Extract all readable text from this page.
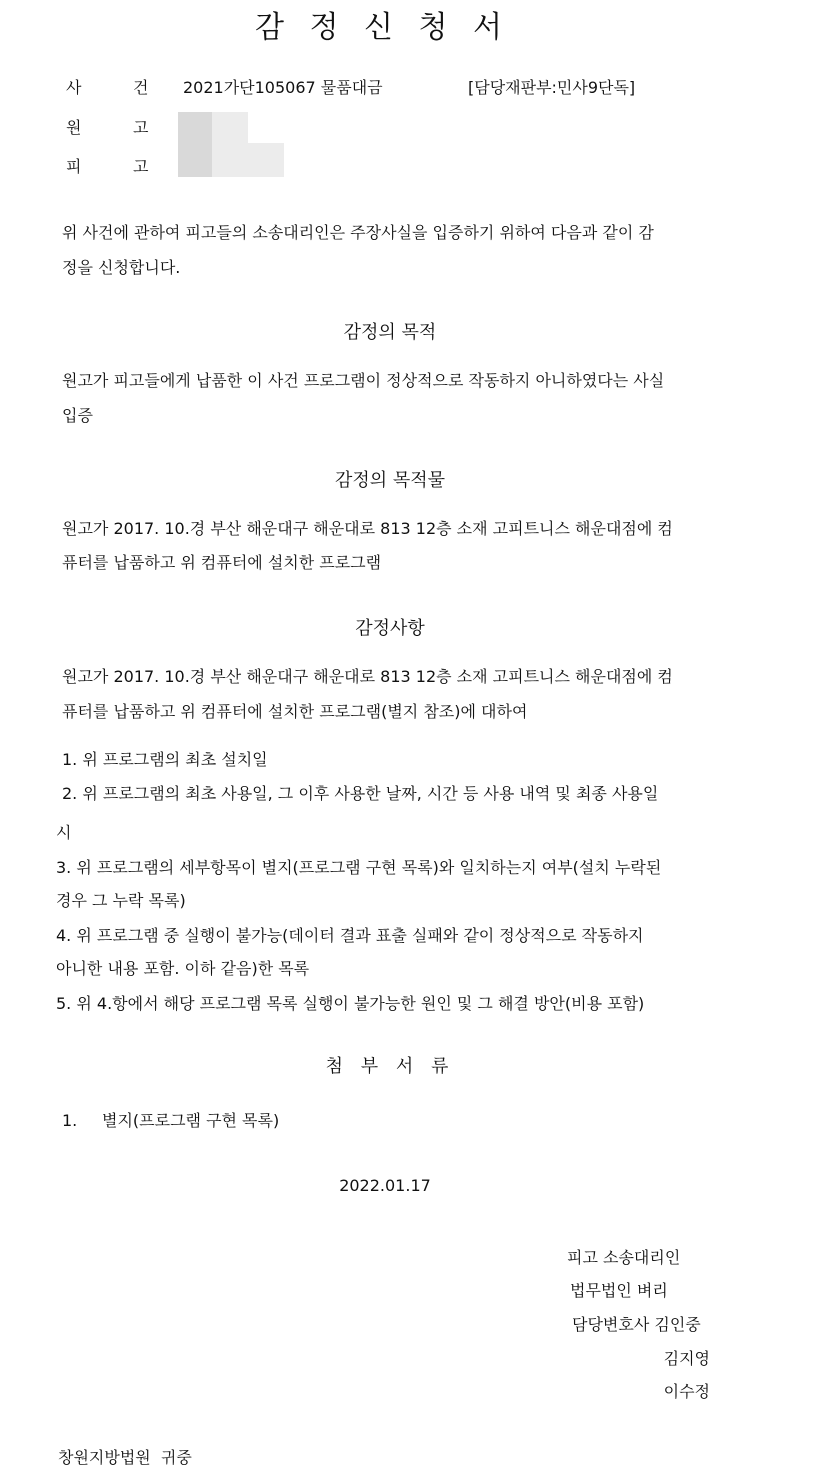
감 정 신 청 서
사	건 2021가단105067 물품대금	[담당재판부:민사9단독]
원	고
피	고
위 사건에 관하여 피고들의 소송대리인은 주장사실을 입증하기 위하여 다음과 같이 감
정을 신청합니다.
감정의 목적
원고가 피고들에게 납품한 이 사건 프로그램이 정상적으로 작동하지 아니하였다는 사실
입증
감정의 목적물
원고가 2017. 10.경 부산 해운대구 해운대로 813 12층 소재 고피트니스 해운대점에 컴
퓨터를 납품하고 위 컴퓨터에 설치한 프로그램
감정사항
원고가 2017. 10.경 부산 해운대구 해운대로 813 12층 소재 고피트니스 해운대점에 컴
퓨터를 납품하고 위 컴퓨터에 설치한 프로그램(별지 참조)에 대하여
1. 위 프로그램의 최초 설치일
2. 위 프로그램의 최초 사용일, 그 이후 사용한 날짜, 시간 등 사용 내역 및 최종 사용일
시
3. 위 프로그램의 세부항목이 별지(프로그램 구현 목록)와 일치하는지 여부(설치 누락된
경우 그 누락 목록)
4. 위 프로그램 중 실행이 불가능(데이터 결과 표출 실패와 같이 정상적으로 작동하지
아니한 내용 포함. 이하 같음)한 목록
5. 위 4.항에서 해당 프로그램 목록 실행이 불가능한 원인 및 그 해결 방안(비용 포함)
첨 부 서 류
1. 별지(프로그램 구현 목록)
2022.01.17
피고 소송대리인
법무법인 벼리
담당변호사 김인중
김지영
이수정
창원지방법원  귀중
